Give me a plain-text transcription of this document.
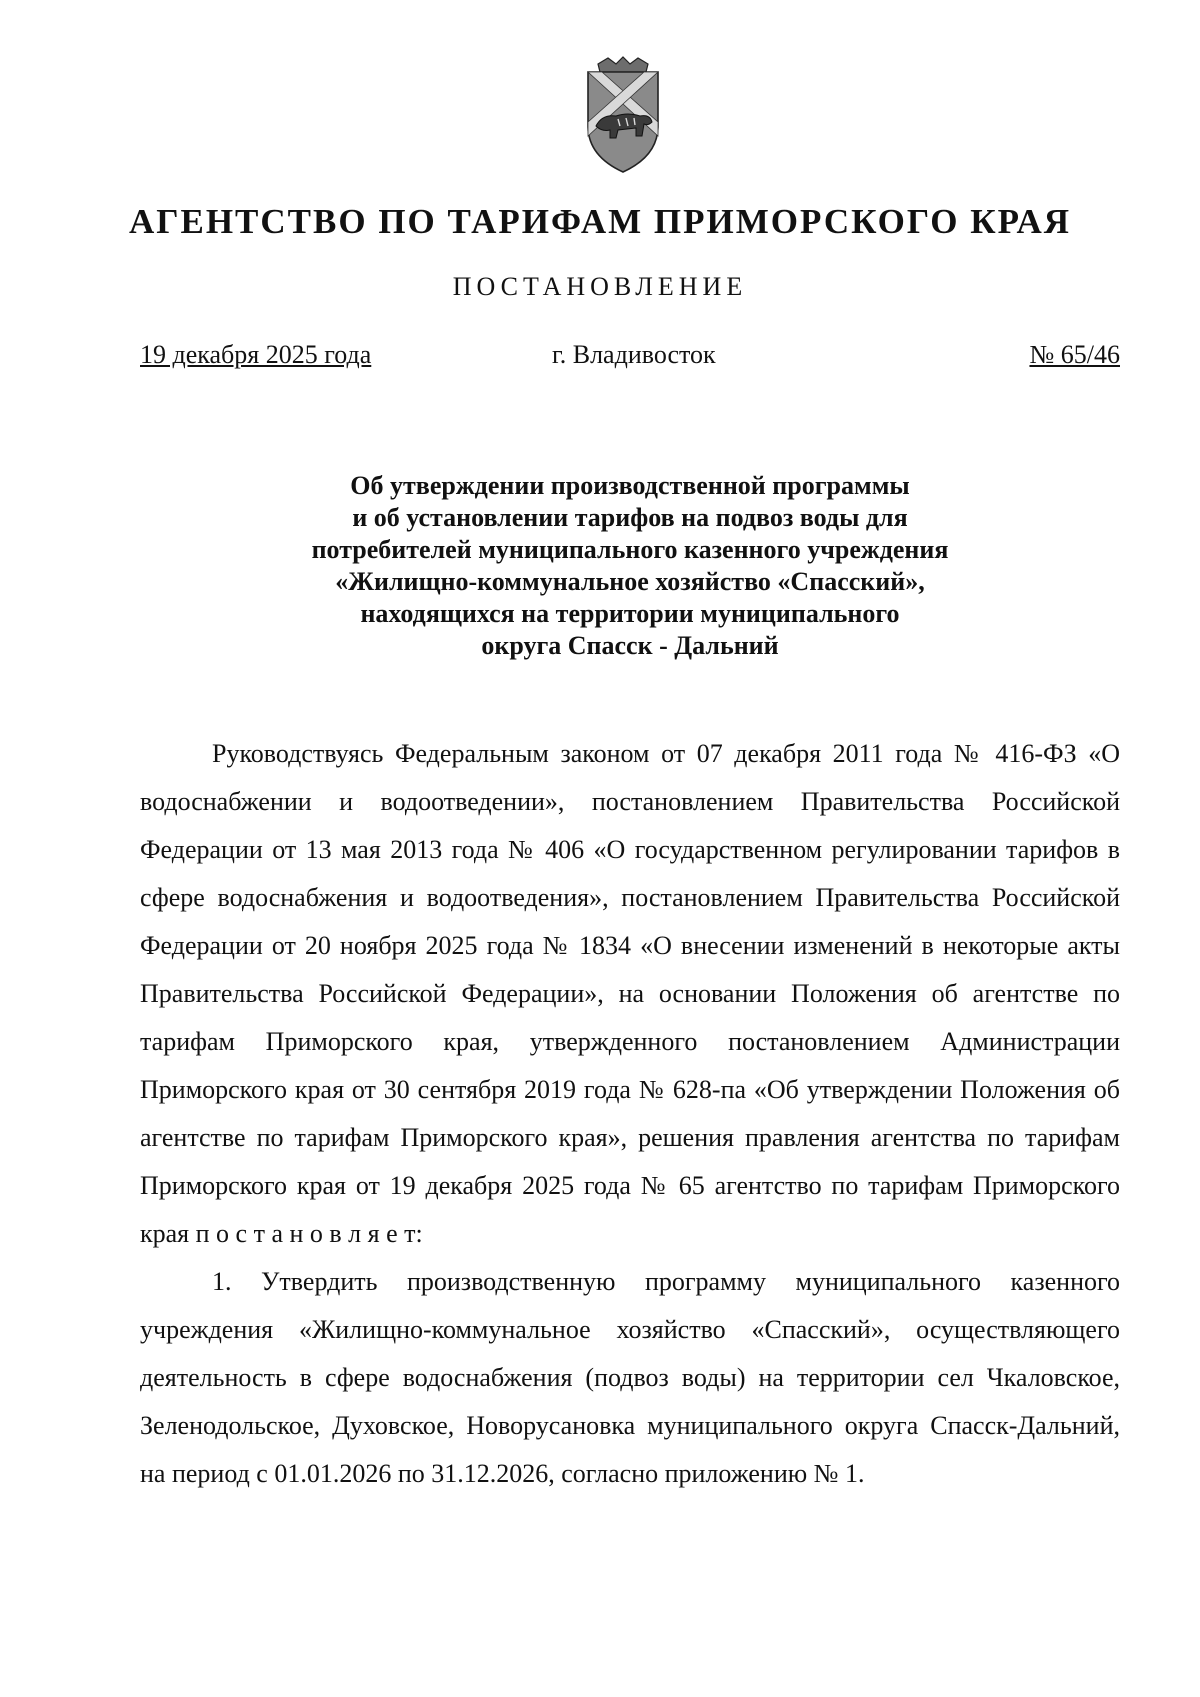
АГЕНТСТВО ПО ТАРИФАМ ПРИМОРСКОГО КРАЯ
ПОСТАНОВЛЕНИЕ
19 декабря 2025 года	г. Владивосток	№ 65/46
Об утверждении производственной программы
и об установлении тарифов на подвоз воды для
потребителей муниципального казенного учреждения
«Жилищно-коммунальное хозяйство «Спасский»,
находящихся на территории муниципального
округа Спасск - Дальний

Руководствуясь Федеральным законом от 07 декабря 2011 года № 416-ФЗ «О водоснабжении и водоотведении», постановлением Правительства Российской Федерации от 13 мая 2013 года № 406 «О государственном регулировании тарифов в сфере водоснабжения и водоотведения», постановлением Правительства Российской Федерации от 20 ноября 2025 года № 1834 «О внесении изменений в некоторые акты Правительства Российской Федерации», на основании Положения об агентстве по тарифам Приморского края, утвержденного постановлением Администрации Приморского края от 30 сентября 2019 года № 628-па «Об утверждении Положения об агентстве по тарифам Приморского края», решения правления агентства по тарифам Приморского края от 19 декабря 2025 года № 65 агентство по тарифам Приморского края п о с т а н о в л я е т:

1. Утвердить производственную программу муниципального казенного учреждения «Жилищно-коммунальное хозяйство «Спасский», осуществляющего деятельность в сфере водоснабжения (подвоз воды) на территории сел Чкаловское, Зеленодольское, Духовское, Новорусановка муниципального округа Спасск-Дальний, на период с 01.01.2026 по 31.12.2026, согласно приложению № 1.
